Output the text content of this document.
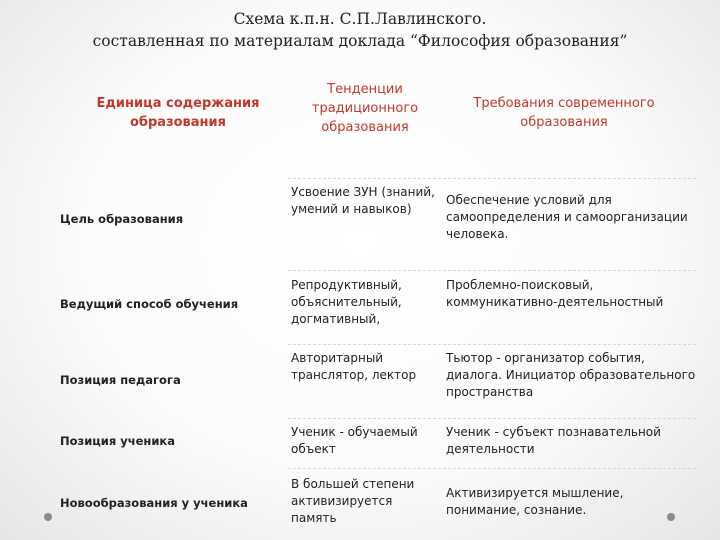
Схема к.п.н. С.П.Лавлинского.
составленная по материалам доклада “Философия образования”
Единица содержания образования
Тенденции традиционного образования
Требования современного образования
Цель образования
Усвоение ЗУН (знаний, умений и навыков)
Обеспечение условий для самоопределения и самоорганизации человека.
Ведущий способ обучения
Репродуктивный, объяснительный, догмативный,
Проблемно-поисковый, коммуникативно-деятельностный
Позиция педагога
Авторитарный транслятор, лектор
Тьютор - организатор события, диалога. Инициатор образовательного пространства
Позиция ученика
Ученик - обучаемый объект
Ученик - субъект познавательной деятельности
Новообразования у ученика
В большей степени активизируется память
Активизируется мышление, понимание, сознание.
